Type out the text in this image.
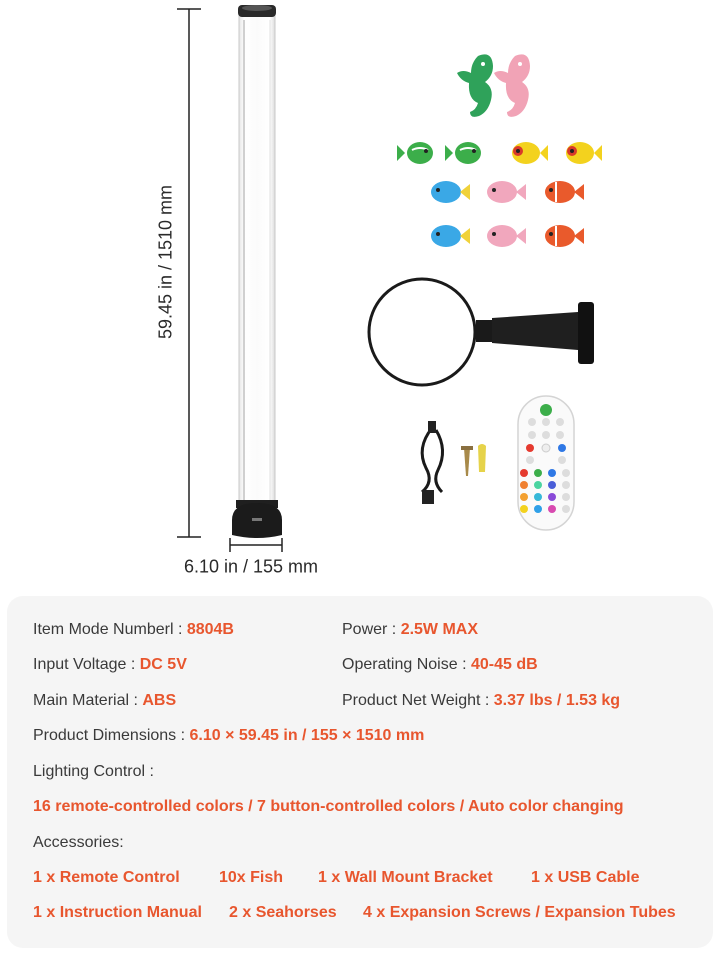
59.45 in / 1510 mm
6.10 in / 155 mm
Item Mode Numberl : 8804B	Power : 2.5W MAX
Input Voltage : DC 5V	Operating Noise : 40-45 dB
Main Material : ABS	Product Net Weight : 3.37 lbs / 1.53 kg
Product Dimensions : 6.10 × 59.45 in / 155 × 1510 mm
Lighting Control :
16 remote-controlled colors / 7 button-controlled colors / Auto color changing
Accessories:
1 x Remote Control 10x Fish 1 x Wall Mount Bracket 1 x USB Cable
1 x Instruction Manual 2 x Seahorses 4 x Expansion Screws / Expansion Tubes
